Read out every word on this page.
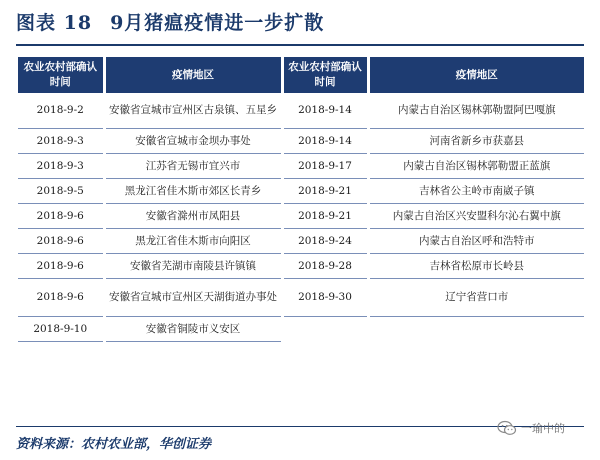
图表 18 9月猪瘟疫情进一步扩散
农业农村部确认时间	疫情地区	农业农村部确认时间	疫情地区
2018-9-2	安徽省宣城市宣州区古泉镇、五星乡	2018-9-14	内蒙古自治区锡林郭勒盟阿巴嘎旗
2018-9-3	安徽省宣城市金坝办事处	2018-9-14	河南省新乡市获嘉县
2018-9-3	江苏省无锡市宜兴市	2018-9-17	内蒙古自治区锡林郭勒盟正蓝旗
2018-9-5	黑龙江省佳木斯市郊区长青乡	2018-9-21	吉林省公主岭市南崴子镇
2018-9-6	安徽省滁州市凤阳县	2018-9-21	内蒙古自治区兴安盟科尔沁右翼中旗
2018-9-6	黑龙江省佳木斯市向阳区	2018-9-24	内蒙古自治区呼和浩特市
2018-9-6	安徽省芜湖市南陵县许镇镇	2018-9-28	吉林省松原市长岭县
2018-9-6	安徽省宣城市宣州区天湖街道办事处	2018-9-30	辽宁省营口市
2018-9-10	安徽省铜陵市义安区		
资料来源：农村农业部，华创证券
一瑜中的
